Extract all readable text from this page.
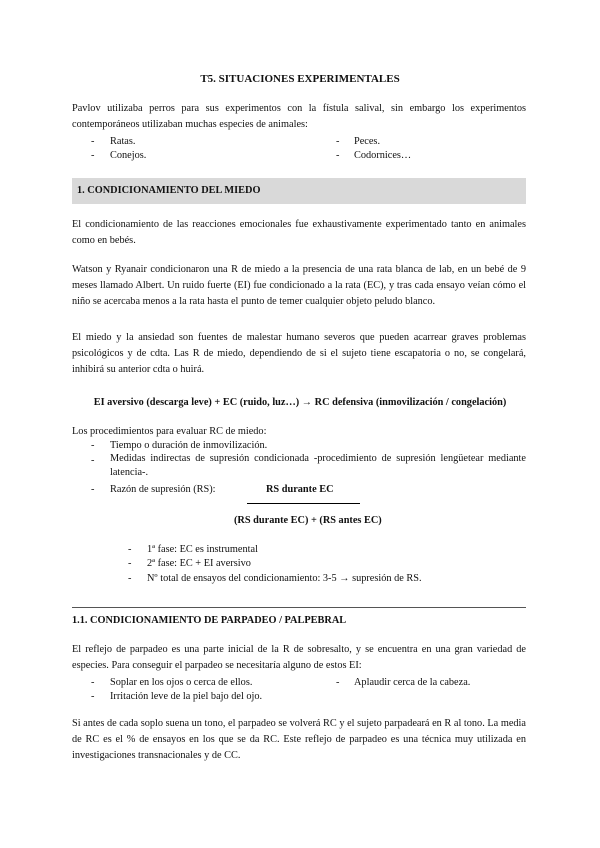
T5. SITUACIONES EXPERIMENTALES
Pavlov utilizaba perros para sus experimentos con la fístula salival, sin embargo los experimentos contemporáneos utilizaban muchas especies de animales:
- Ratas.	- Peces.
- Conejos.	- Codornices…
1. CONDICIONAMIENTO DEL MIEDO
El condicionamiento de las reacciones emocionales fue exhaustivamente experimentado tanto en animales como en bebés.
Watson y Ryanair condicionaron una R de miedo a la presencia de una rata blanca de lab, en un bebé de 9 meses llamado Albert. Un ruido fuerte (EI) fue condicionado a la rata (EC), y tras cada ensayo veían cómo el niño se acercaba menos a la rata hasta el punto de temer cualquier objeto peludo blanco.
El miedo y la ansiedad son fuentes de malestar humano severos que pueden acarrear graves problemas psicológicos y de cdta. Las R de miedo, dependiendo de si el sujeto tiene escapatoria o no, se congelará, inhibirá su anterior cdta o huirá.
EI aversivo (descarga leve) + EC (ruido, luz…) → RC defensiva (inmovilización / congelación)
Los procedimientos para evaluar RC de miedo:
- Tiempo o duración de inmovilización.
- Medidas indirectas de supresión condicionada -procedimiento de supresión lengüetear mediante latencia-.
- Razón de supresión (RS):	RS durante EC
(RS durante EC) + (RS antes EC)
- 1ª fase: EC es instrumental
- 2ª fase: EC + EI aversivo
- Nº total de ensayos del condicionamiento: 3-5 → supresión de RS.
1.1. CONDICIONAMIENTO DE PARPADEO / PALPEBRAL
El reflejo de parpadeo es una parte inicial de la R de sobresalto, y se encuentra en una gran variedad de especies. Para conseguir el parpadeo se necesitaría alguno de estos EI:
- Soplar en los ojos o cerca de ellos.	- Aplaudir cerca de la cabeza.
- Irritación leve de la piel bajo del ojo.
Si antes de cada soplo suena un tono, el parpadeo se volverá RC y el sujeto parpadeará en R al tono. La media de RC es el % de ensayos en los que se da RC. Este reflejo de parpadeo es una técnica muy utilizada en investigaciones transnacionales y de CC.
